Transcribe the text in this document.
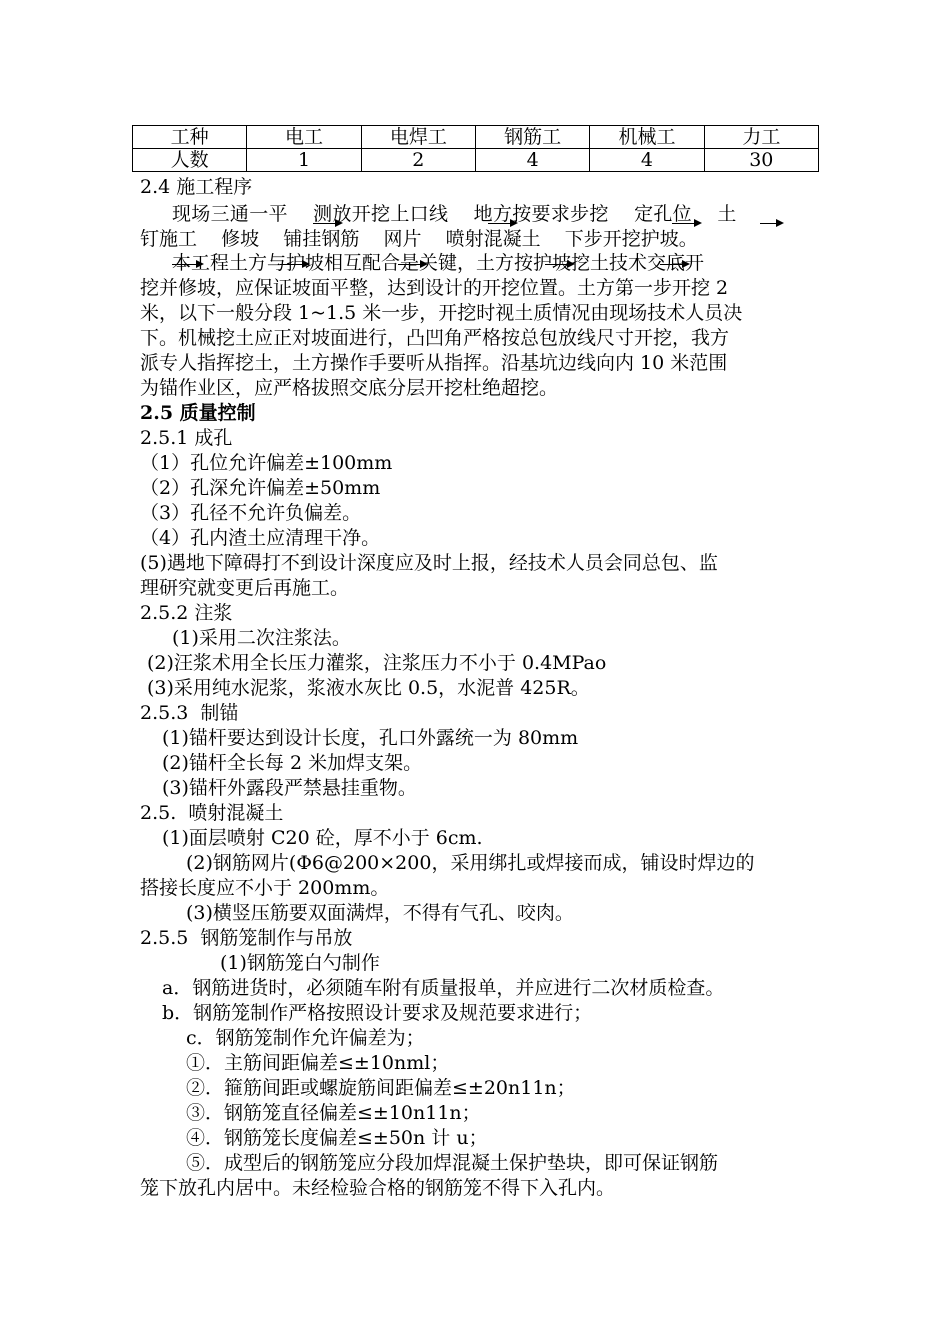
工种	电工	电焊工	钢筋工	机械工	力工
人数	1	2	4	4	30
2.4 施工程序
现场三通一平    测放开挖上口线    地方按要求步挖    定孔位    土
钉施工    修坡    铺挂钢筋    网片    喷射混凝土    下步开挖护坡。
本工程土方与护坡相互配合是关键，土方按护坡挖土技术交底开
挖并修坡，应保证坡面平整，达到设计的开挖位置。土方第一步开挖 2
米，以下一般分段 1~1.5 米一步，开挖时视土质情况由现场技术人员决
下。机械挖土应正对坡面进行，凸凹角严格按总包放线尺寸开挖，我方
派专人指挥挖土，土方操作手要听从指挥。沿基坑边线向内 10 米范围
为锚作业区，应严格拔照交底分层开挖杜绝超挖。
2.5 质量控制
2.5.1 成孔
（1）孔位允许偏差±100mm
（2）孔深允许偏差±50mm
（3）孔径不允许负偏差。
（4）孔内渣土应清理干净。
(5)遇地下障碍打不到设计深度应及时上报，经技术人员会同总包、监
理研究就变更后再施工。
2.5.2 注浆
(1)采用二次注浆法。
(2)汪浆术用全长压力灌浆，注浆压力不小于 0.4MPao
(3)采用纯水泥浆，浆液水灰比 0.5，水泥普 425R。
2.5.3  制锚
(1)锚杆要达到设计长度，孔口外露统一为 80mm
(2)锚杆全长每 2 米加焊支架。
(3)锚杆外露段严禁悬挂重物。
2.5.  喷射混凝土
(1)面层喷射 C20 砼，厚不小于 6cm.
(2)钢筋网片(Φ6@200×200，采用绑扎或焊接而成，铺设时焊边的
搭接长度应不小于 200mm。
(3)横竖压筋要双面满焊，不得有气孔、咬肉。
2.5.5  钢筋笼制作与吊放
(1)钢筋笼白勺制作
a．钢筋进货时，必须随车附有质量报单，并应进行二次材质检查。
b．钢筋笼制作严格按照设计要求及规范要求进行；
c．钢筋笼制作允许偏差为；
①．主筋间距偏差≤±10nml；
②．箍筋间距或螺旋筋间距偏差≤±20n11n；
③．钢筋笼直径偏差≤±10n11n；
④．钢筋笼长度偏差≤±50n 计 u；
⑤．成型后的钢筋笼应分段加焊混凝土保护垫块，即可保证钢筋
笼下放孔内居中。未经检验合格的钢筋笼不得下入孔内。
